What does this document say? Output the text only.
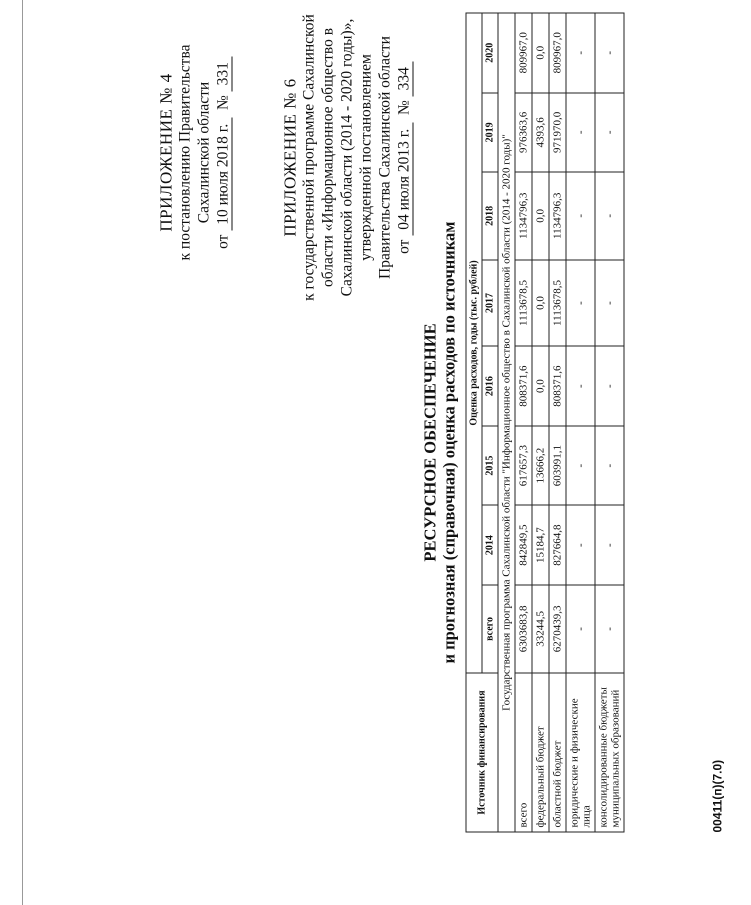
ПРИЛОЖЕНИЕ № 4 к постановлению Правительства Сахалинской области
от 10 июля 2018 г.  № 331
ПРИЛОЖЕНИЕ № 6 к государственной программе Сахалинской области «Информационное общество в Сахалинской области (2014 - 2020 годы)», утвержденной постановлением Правительства Сахалинской области от 04 июля 2013 г.  № 334
РЕСУРСНОЕ ОБЕСПЕЧЕНИЕ и прогнозная (справочная) оценка расходов по источникам
Источник финансирования	Оценка расходов, годы (тыс. рублей)							
	всего	2014	2015	2016	2017	2018	2019	2020
Государственная программа Сахалинской области "Информационное общество в Сахалинской области (2014 - 2020 годы)"								
всего	6303683,8	842849,5	617657,3	808371,6	1113678,5	1134796,3	976363,6	809967,0
федеральный бюджет	33244,5	15184,7	13666,2	0,0	0,0	0,0	4393,6	0,0
областной бюджет	6270439,3	827664,8	603991,1	808371,6	1113678,5	1134796,3	971970,0	809967,0
юридические и физические лица	-	-	-	-	-	-	-	-
консолидированные бюджеты муниципальных образований	-	-	-	-	-	-	-	-
00411(п)(7.0)
